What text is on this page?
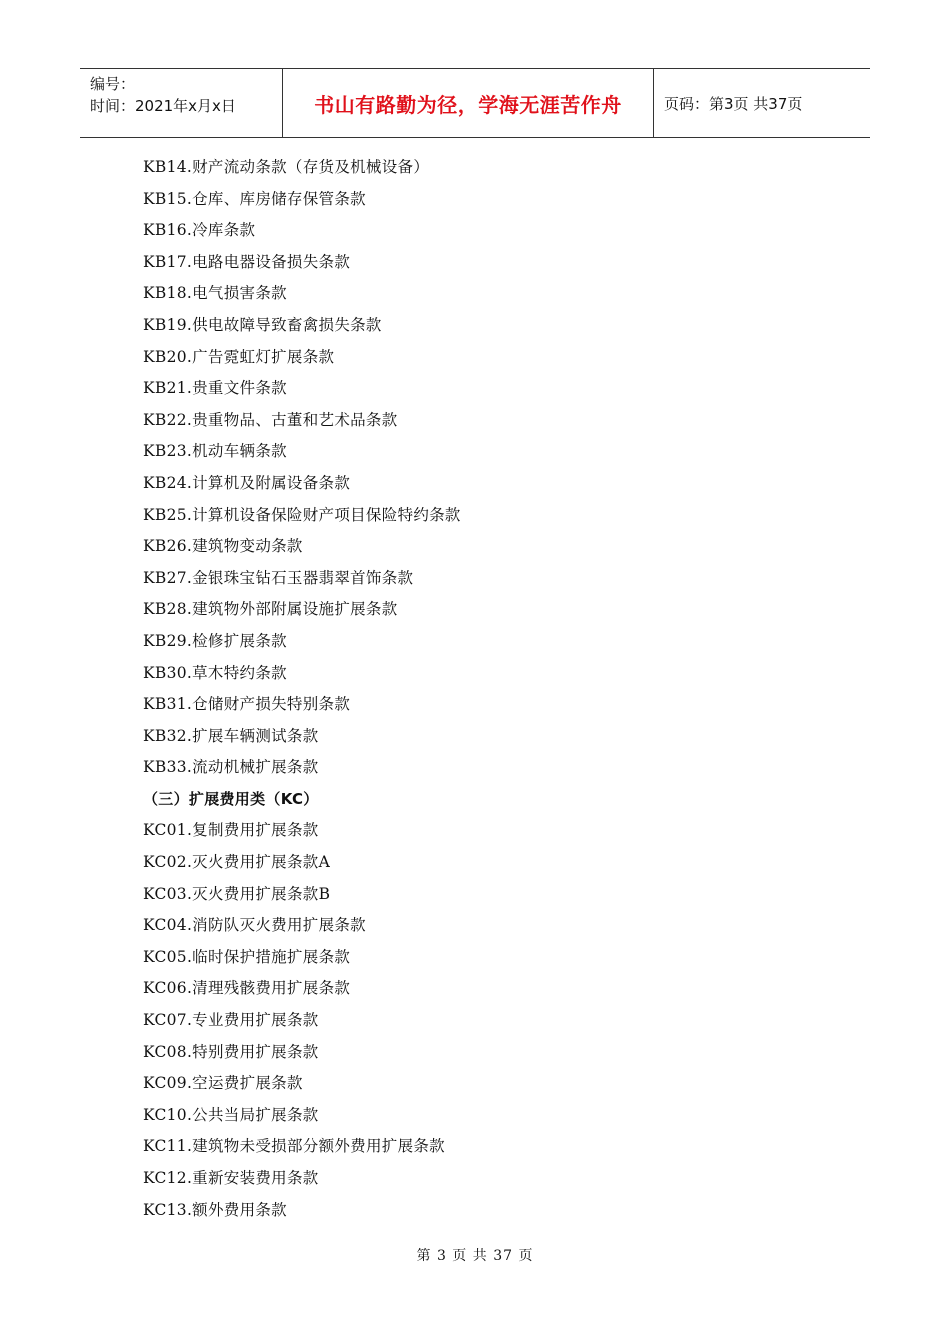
编号：
时间：2021年x月x日	书山有路勤为径，学海无涯苦作舟	页码：第3页 共37页
KB14.财产流动条款（存货及机械设备）
KB15.仓库、库房储存保管条款
KB16.冷库条款
KB17.电路电器设备损失条款
KB18.电气损害条款
KB19.供电故障导致畜禽损失条款
KB20.广告霓虹灯扩展条款
KB21.贵重文件条款
KB22.贵重物品、古董和艺术品条款
KB23.机动车辆条款
KB24.计算机及附属设备条款
KB25.计算机设备保险财产项目保险特约条款
KB26.建筑物变动条款
KB27.金银珠宝钻石玉器翡翠首饰条款
KB28.建筑物外部附属设施扩展条款
KB29.检修扩展条款
KB30.草木特约条款
KB31.仓储财产损失特别条款
KB32.扩展车辆测试条款
KB33.流动机械扩展条款
（三）扩展费用类（KC）
KC01.复制费用扩展条款
KC02.灭火费用扩展条款A
KC03.灭火费用扩展条款B
KC04.消防队灭火费用扩展条款
KC05.临时保护措施扩展条款
KC06.清理残骸费用扩展条款
KC07.专业费用扩展条款
KC08.特别费用扩展条款
KC09.空运费扩展条款
KC10.公共当局扩展条款
KC11.建筑物未受损部分额外费用扩展条款
KC12.重新安装费用条款
KC13.额外费用条款
第 3 页 共 37 页
